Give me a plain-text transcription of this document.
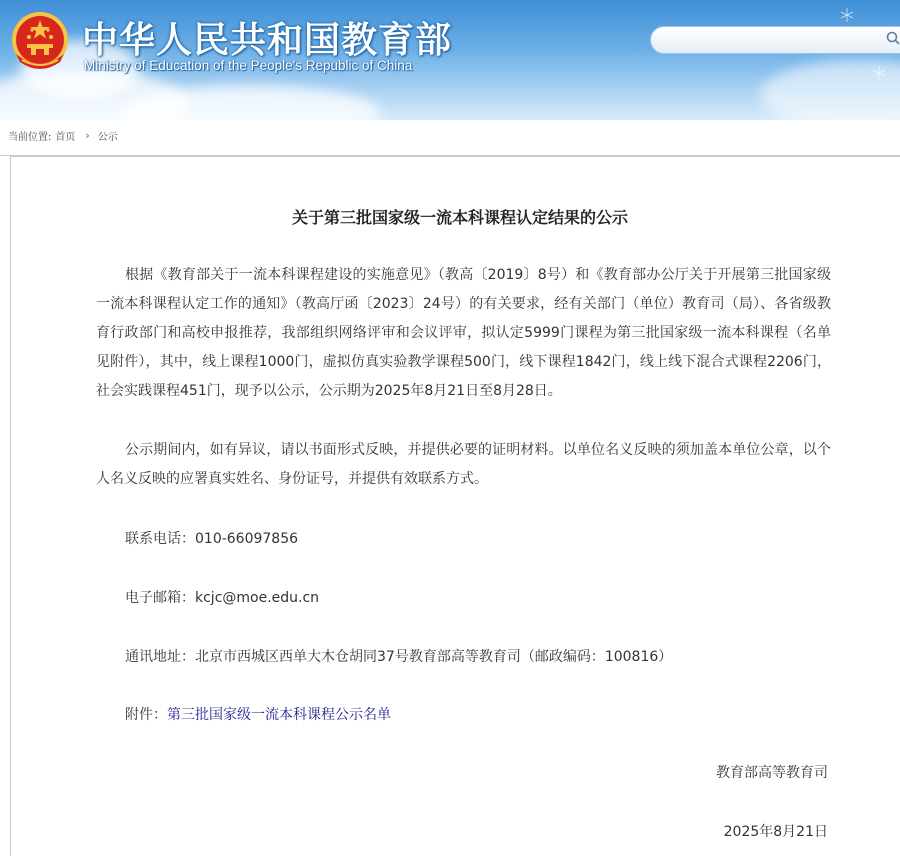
中华人民共和国教育部
Ministry of Education of the People's Republic of China
当前位置: 首页 › 公示
关于第三批国家级一流本科课程认定结果的公示
根据《教育部关于一流本科课程建设的实施意见》（教高〔2019〕8号）和《教育部办公厅关于开展第三批国家级一流本科课程认定工作的通知》（教高厅函〔2023〕24号）的有关要求，经有关部门（单位）教育司（局）、各省级教育行政部门和高校申报推荐，我部组织网络评审和会议评审，拟认定5999门课程为第三批国家级一流本科课程（名单见附件），其中，线上课程1000门，虚拟仿真实验教学课程500门，线下课程1842门，线上线下混合式课程2206门，社会实践课程451门，现予以公示，公示期为2025年8月21日至8月28日。
公示期间内，如有异议，请以书面形式反映，并提供必要的证明材料。以单位名义反映的须加盖本单位公章，以个人名义反映的应署真实姓名、身份证号，并提供有效联系方式。
联系电话：010-66097856
电子邮箱：kcjc@moe.edu.cn
通讯地址：北京市西城区西单大木仓胡同37号教育部高等教育司（邮政编码：100816）
附件：第三批国家级一流本科课程公示名单
教育部高等教育司
2025年8月21日
